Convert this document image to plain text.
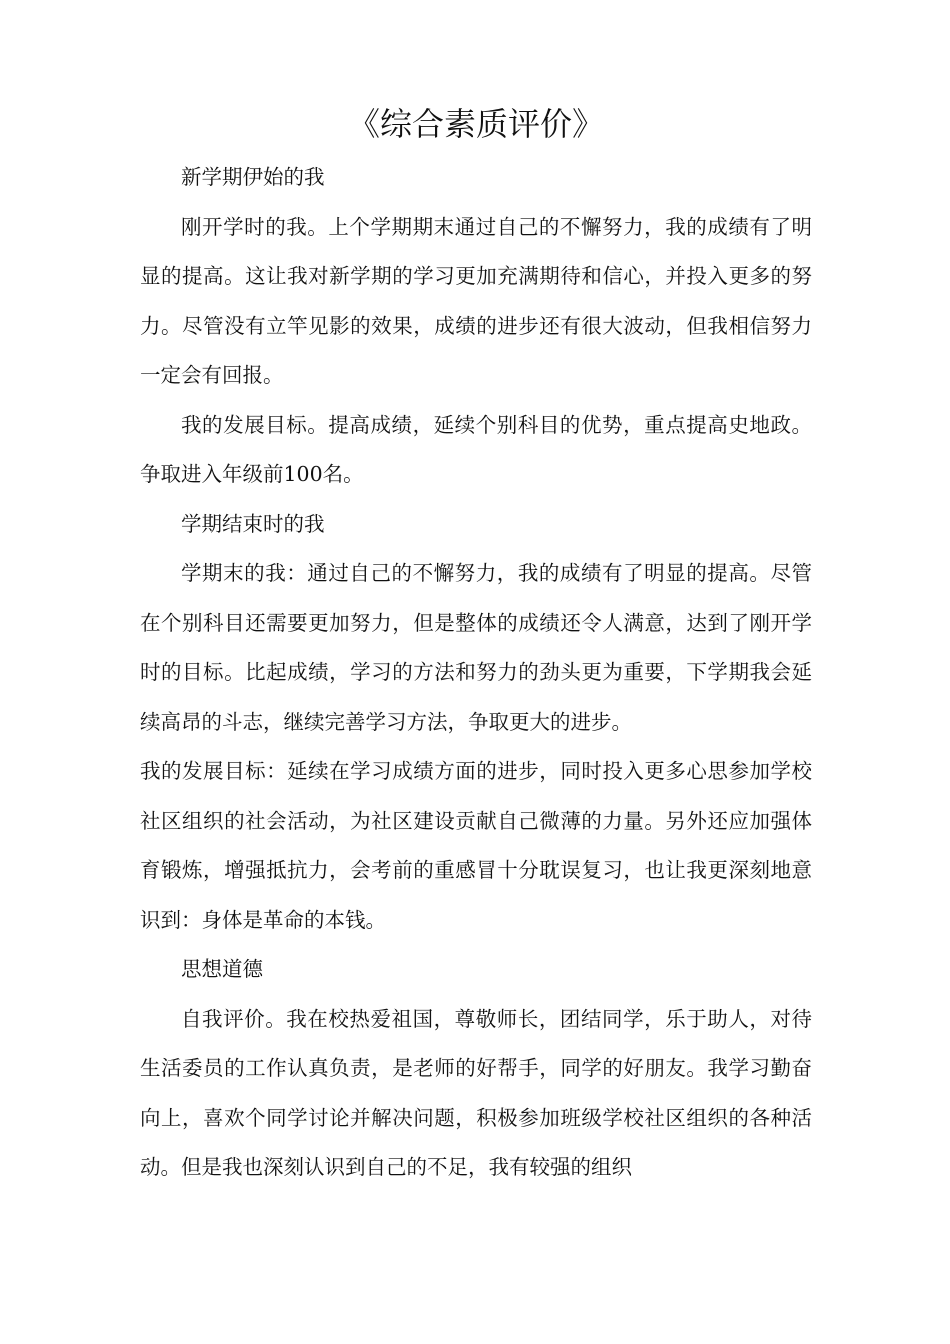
《综合素质评价》

新学期伊始的我

刚开学时的我。上个学期期末通过自己的不懈努力，我的成绩有了明显的提高。这让我对新学期的学习更加充满期待和信心，并投入更多的努力。尽管没有立竿见影的效果，成绩的进步还有很大波动，但我相信努力一定会有回报。

我的发展目标。提高成绩，延续个别科目的优势，重点提高史地政。争取进入年级前100名。

学期结束时的我

学期末的我：通过自己的不懈努力，我的成绩有了明显的提高。尽管在个别科目还需要更加努力，但是整体的成绩还令人满意，达到了刚开学时的目标。比起成绩，学习的方法和努力的劲头更为重要，下学期我会延续高昂的斗志，继续完善学习方法，争取更大的进步。

我的发展目标：延续在学习成绩方面的进步，同时投入更多心思参加学校社区组织的社会活动，为社区建设贡献自己微薄的力量。另外还应加强体育锻炼，增强抵抗力，会考前的重感冒十分耽误复习，也让我更深刻地意识到：身体是革命的本钱。

思想道德

自我评价。我在校热爱祖国，尊敬师长，团结同学，乐于助人，对待生活委员的工作认真负责，是老师的好帮手，同学的好朋友。我学习勤奋向上，喜欢个同学讨论并解决问题，积极参加班级学校社区组织的各种活动。但是我也深刻认识到自己的不足，我有较强的组织
